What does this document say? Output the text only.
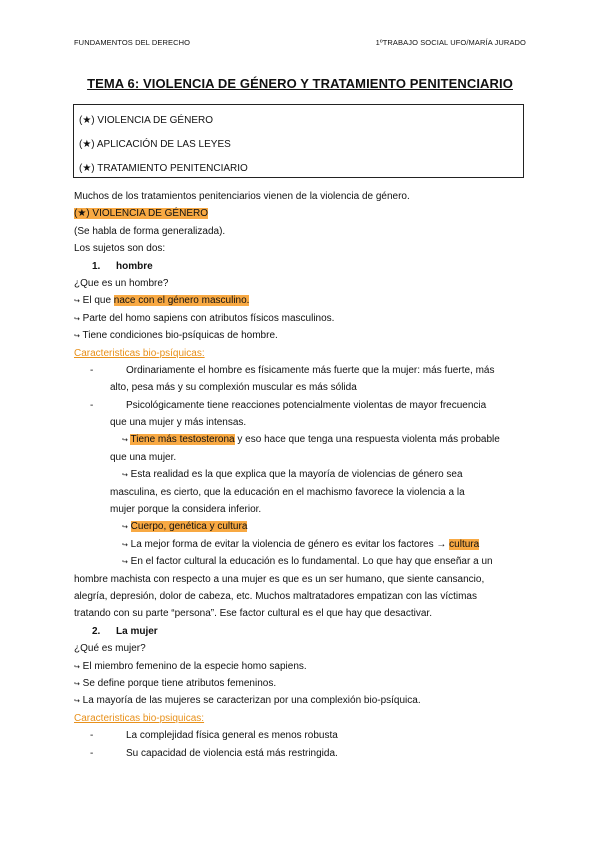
FUNDAMENTOS DEL DERECHO	1ºTRABAJO SOCIAL UFO/MARÍA JURADO
TEMA 6: VIOLENCIA DE GÉNERO Y TRATAMIENTO PENITENCIARIO
(★) VIOLENCIA DE GÉNERO
(★) APLICACIÓN DE LAS LEYES
(★) TRATAMIENTO PENITENCIARIO
Muchos de los tratamientos penitenciarios vienen de la violencia de género.
(★) VIOLENCIA DE GÉNERO
(Se habla de forma generalizada).
Los sujetos son dos:
1. hombre
¿Que es un hombre?
↪ El que nace con el género masculino.
↪ Parte del homo sapiens con atributos físicos masculinos.
↪ Tiene condiciones bio-psíquicas de hombre.
Caracteristicas bio-psíquicas:
-	Ordinariamente el hombre es físicamente más fuerte que la mujer: más fuerte, más
alto, pesa más y su complexión muscular es más sólida
-	Psicológicamente tiene reacciones potencialmente violentas de mayor frecuencia
que una mujer y más intensas.
↪ Tiene más testosterona y eso hace que tenga una respuesta violenta más probable
que una mujer.
↪ Esta realidad es la que explica que la mayoría de violencias de género sea
masculina, es cierto, que la educación en el machismo favorece la violencia a la
mujer porque la considera inferior.
↪ Cuerpo, genética y cultura
↪ La mejor forma de evitar la violencia de género es evitar los factores → cultura
↪ En el factor cultural la educación es lo fundamental. Lo que hay que enseñar a un
hombre machista con respecto a una mujer es que es un ser humano, que siente cansancio,
alegría, depresión, dolor de cabeza, etc. Muchos maltratadores empatizan con las víctimas
tratando con su parte “persona”. Ese factor cultural es el que hay que desactivar.
2. La mujer
¿Qué es mujer?
↪ El miembro femenino de la especie homo sapiens.
↪ Se define porque tiene atributos femeninos.
↪ La mayoría de las mujeres se caracterizan por una complexión bio-psíquica.
Caracteristicas bio-psiquicas:
-	La complejidad física general es menos robusta
-	Su capacidad de violencia está más restringida.
